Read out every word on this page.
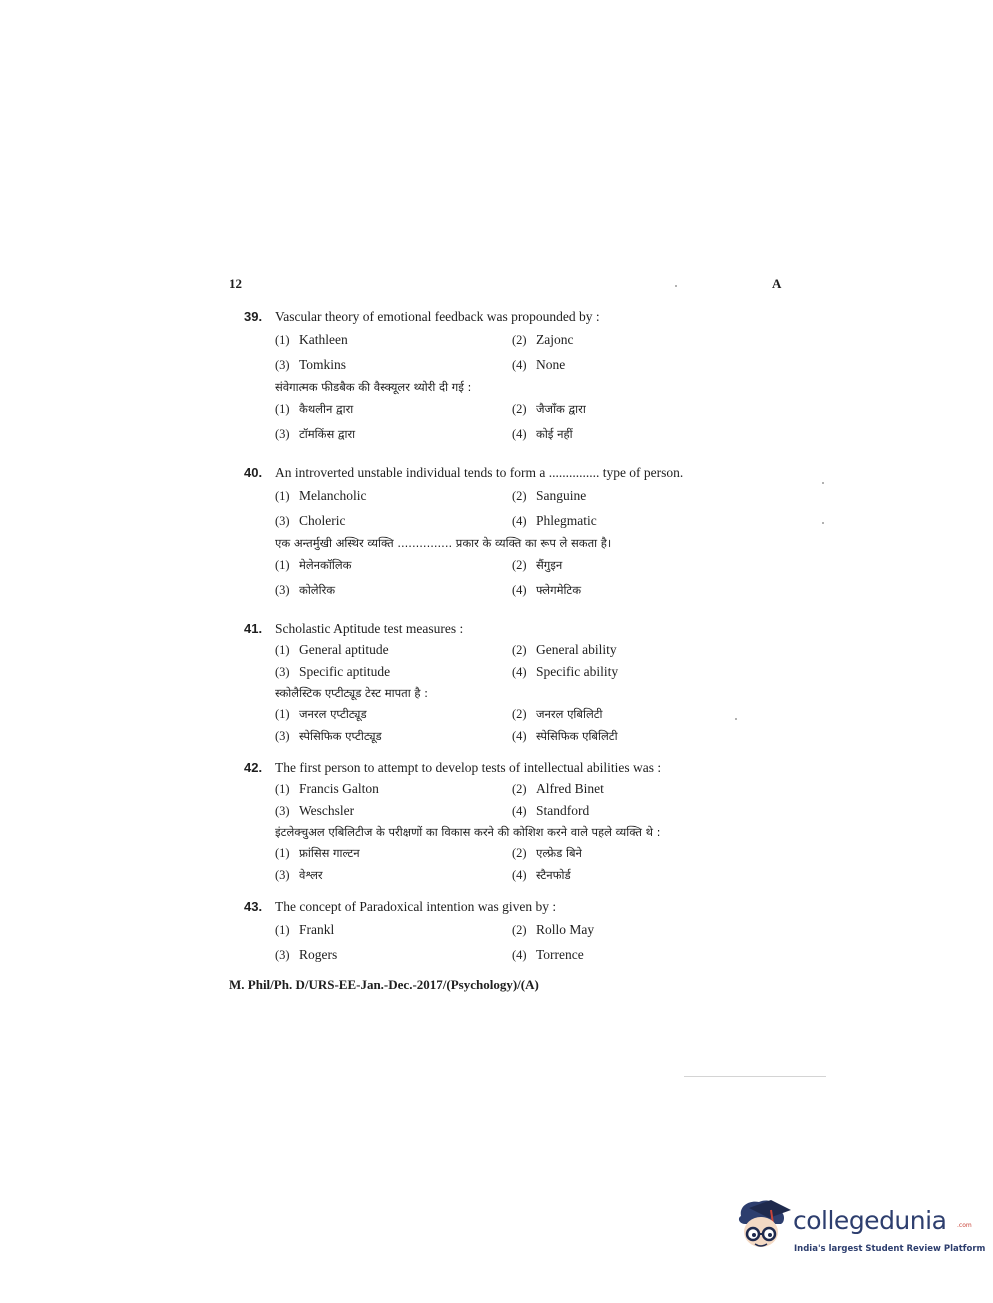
12	A
39. Vascular theory of emotional feedback was propounded by :
(1) Kathleen	(2) Zajonc
(3) Tomkins	(4) None
संवेगात्मक फीडबैक की वैस्क्यूलर थ्योरी दी गई :
(1) कैथलीन द्वारा	(2) जैजॉंक द्वारा
(3) टॉमकिंस द्वारा	(4) कोई नहीं
40. An introverted unstable individual tends to form a ............... type of person.
(1) Melancholic	(2) Sanguine
(3) Choleric	(4) Phlegmatic
एक अन्तर्मुखी अस्थिर व्यक्ति ............... प्रकार के व्यक्ति का रूप ले सकता है।
(1) मेलेनकॉलिक	(2) सैंगुइन
(3) कोलेरिक	(4) फ्लेगमेटिक
41. Scholastic Aptitude test measures :
(1) General aptitude	(2) General ability
(3) Specific aptitude	(4) Specific ability
स्कोलैस्टिक एप्टीट्यूड टेस्ट मापता है :
(1) जनरल एप्टीट्यूड	(2) जनरल एबिलिटी
(3) स्पेसिफिक एप्टीट्यूड	(4) स्पेसिफिक एबिलिटी
42. The first person to attempt to develop tests of intellectual abilities was :
(1) Francis Galton	(2) Alfred Binet
(3) Weschsler	(4) Standford
इंटलेक्चुअल एबिलिटीज के परीक्षणों का विकास करने की कोशिश करने वाले पहले व्यक्ति थे :
(1) फ्रांसिस गाल्टन	(2) एल्फ्रेड बिने
(3) वेश्लर	(4) स्टैनफोर्ड
43. The concept of Paradoxical intention was given by :
(1) Frankl	(2) Rollo May
(3) Rogers	(4) Torrence
M. Phil/Ph. D/URS-EE-Jan.-Dec.-2017/(Psychology)/(A)
collegedunia .com
India's largest Student Review Platform
